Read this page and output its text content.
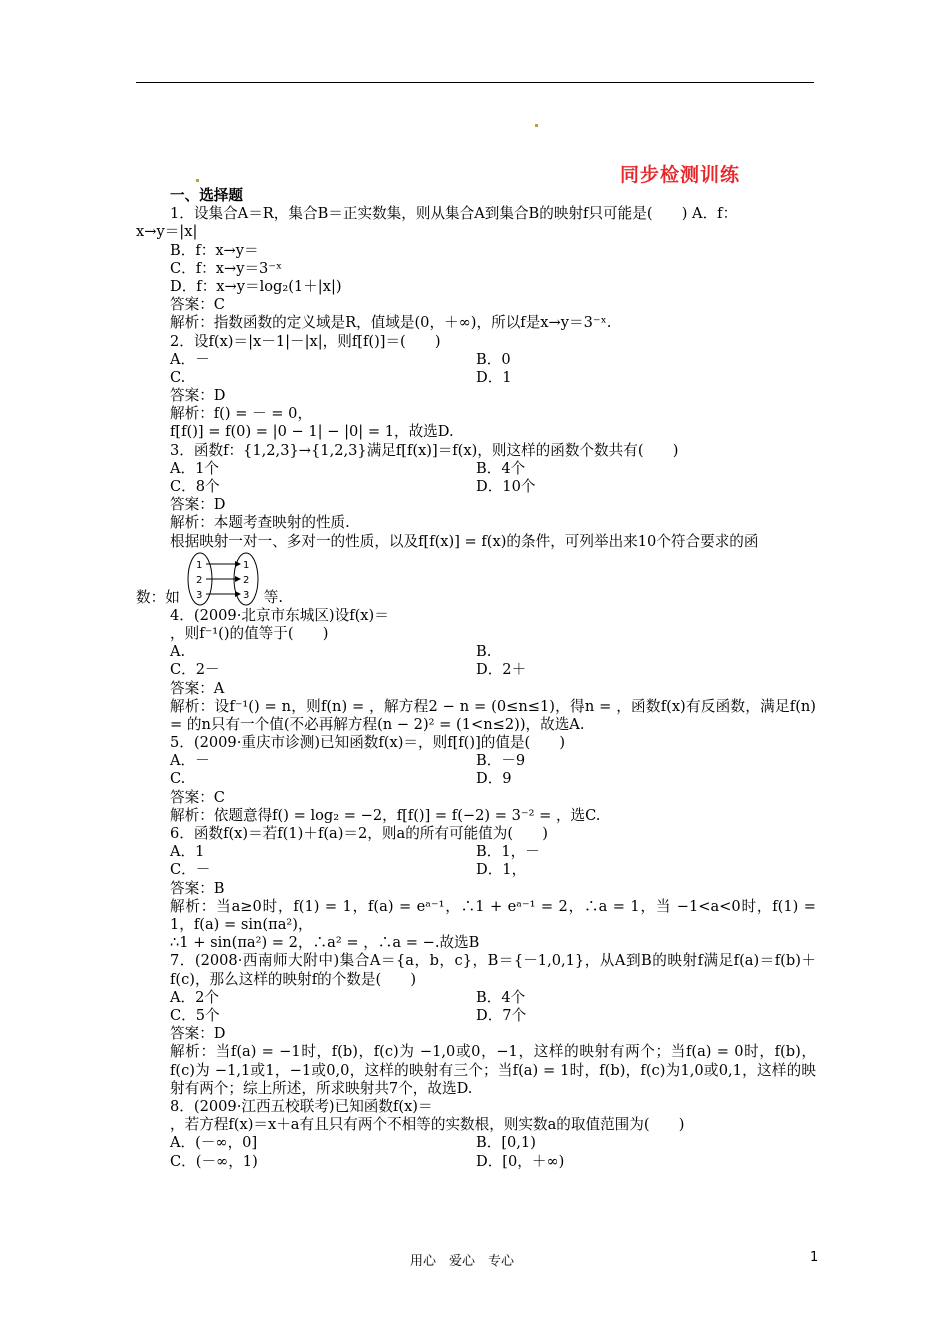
同步检测训练
一、选择题
1．设集合A＝R，集合B＝正实数集，则从集合A到集合B的映射f只可能是(　　) A．f：
x→y＝|x|
B．f：x→y＝
C．f：x→y＝3⁻ˣ
D．f：x→y＝log₂(1＋|x|)
答案：C
解析：指数函数的定义域是R，值域是(0，＋∞)，所以f是x→y＝3⁻ˣ.
2．设f(x)＝|x－1|－|x|，则f[f()]＝(　　)
A．－	B．0
C.	D．1
答案：D
解析：f() = － = 0，
f[f()] = f(0) = |0 − 1| − |0| = 1，故选D.
3．函数f：{1,2,3}→{1,2,3}满足f[f(x)]＝f(x)，则这样的函数个数共有(　　)
A．1个	B．4个
C．8个	D．10个
答案：D
解析：本题考查映射的性质.
根据映射一对一、多对一的性质，以及f[f(x)] = f(x)的条件，可列举出来10个符合要求的函
数：如
1
2
3
1
2
3 等.
4．(2009·北京市东城区)设f(x)＝
，则f⁻¹()的值等于(　　)
A.	B.
C．2－	D．2＋
答案：A
解析：设f⁻¹() = n，则f(n) = ，解方程2 − n = (0≤n≤1)，得n = ，函数f(x)有反函数，满足f(n) = 的n只有一个值(不必再解方程(n − 2)² = (1<n≤2))，故选A.
5．(2009·重庆市诊测)已知函数f(x)＝，则f[f()]的值是(　　)
A．－	B．－9
C.	D．9
答案：C
解析：依题意得f() = log₂ = −2，f[f()] = f(−2) = 3⁻² = ，选C.
6．函数f(x)＝若f(1)＋f(a)＝2，则a的所有可能值为(　　)
A．1	B．1，－
C．－	D．1，
答案：B
解析：当a≥0时，f(1) = 1，f(a) = eᵃ⁻¹，∴1 + eᵃ⁻¹ = 2，∴a = 1，当 −1<a<0时，f(1) = 1，f(a) = sin(πa²)，
∴1 + sin(πa²) = 2，∴a² = ，∴a = −.故选B
7．(2008·西南师大附中)集合A＝{a，b，c}，B＝{－1,0,1}，从A到B的映射f满足f(a)＝f(b)＋f(c)，那么这样的映射f的个数是(　　)
A．2个	B．4个
C．5个	D．7个
答案：D
解析：当f(a) = −1时，f(b)，f(c)为 −1,0或0，−1，这样的映射有两个；当f(a) = 0时，f(b)，f(c)为 −1,1或1，−1或0,0，这样的映射有三个；当f(a) = 1时，f(b)，f(c)为1,0或0,1，这样的映射有两个；综上所述，所求映射共7个，故选D.
8．(2009·江西五校联考)已知函数f(x)＝
，若方程f(x)＝x＋a有且只有两个不相等的实数根，则实数a的取值范围为(　　)
A．(－∞，0]	B．[0,1)
C．(－∞，1)	D．[0，＋∞)
用心　爱心　专心	1
